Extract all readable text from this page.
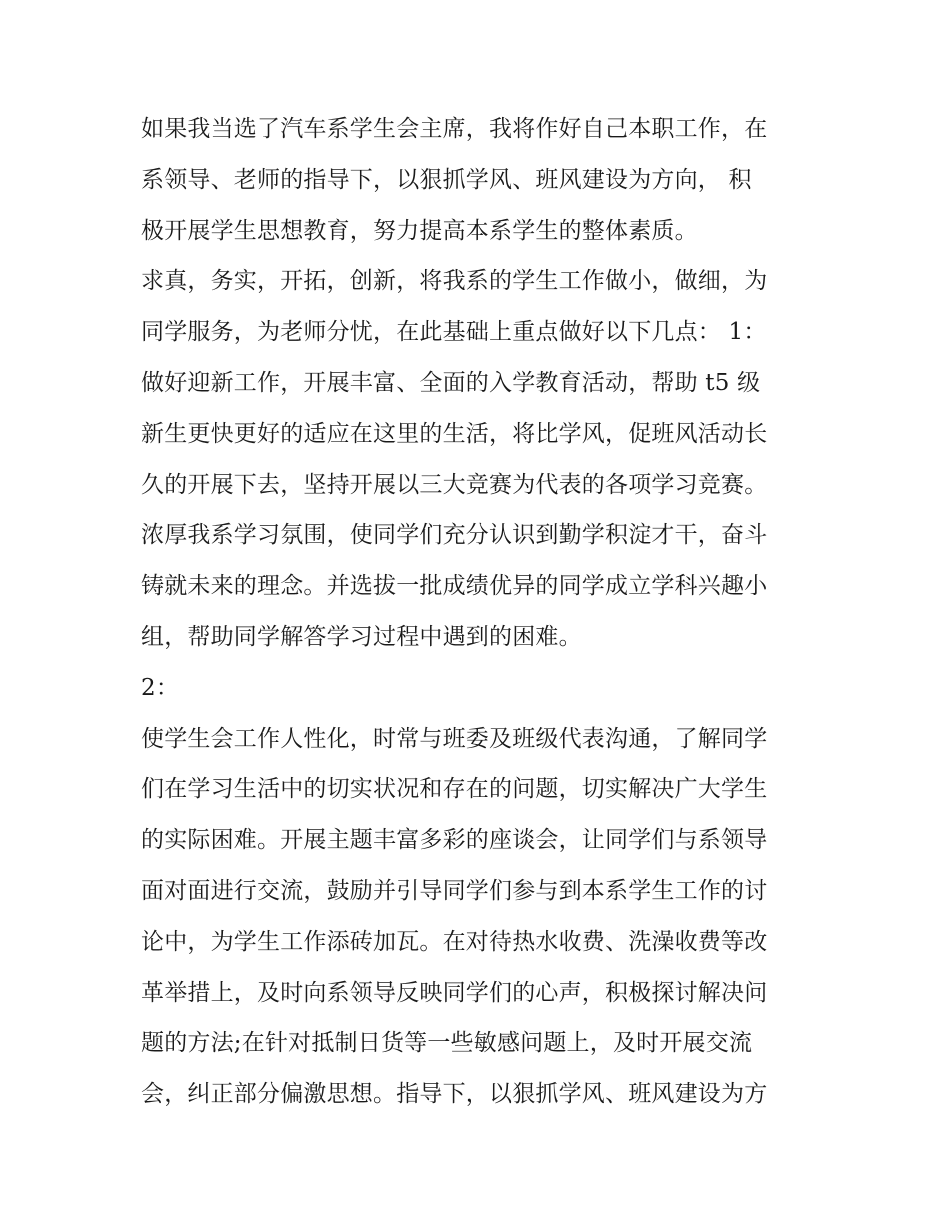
如果我当选了汽车系学生会主席，我将作好自己本职工作，在
系领导、老师的指导下，以狠抓学风、班风建设为方向， 积
极开展学生思想教育，努力提高本系学生的整体素质。
求真，务实，开拓，创新，将我系的学生工作做小，做细，为
同学服务，为老师分忧，在此基础上重点做好以下几点： 1：
做好迎新工作，开展丰富、全面的入学教育活动，帮助 t5 级
新生更快更好的适应在这里的生活，将比学风，促班风活动长
久的开展下去，坚持开展以三大竞赛为代表的各项学习竞赛。
浓厚我系学习氛围，使同学们充分认识到勤学积淀才干，奋斗
铸就未来的理念。并选拔一批成绩优异的同学成立学科兴趣小
组，帮助同学解答学习过程中遇到的困难。
2：
使学生会工作人性化，时常与班委及班级代表沟通，了解同学
们在学习生活中的切实状况和存在的问题，切实解决广大学生
的实际困难。开展主题丰富多彩的座谈会，让同学们与系领导
面对面进行交流，鼓励并引导同学们参与到本系学生工作的讨
论中，为学生工作添砖加瓦。在对待热水收费、洗澡收费等改
革举措上，及时向系领导反映同学们的心声，积极探讨解决问
题的方法;在针对抵制日货等一些敏感问题上，及时开展交流
会，纠正部分偏激思想。指导下，以狠抓学风、班风建设为方
